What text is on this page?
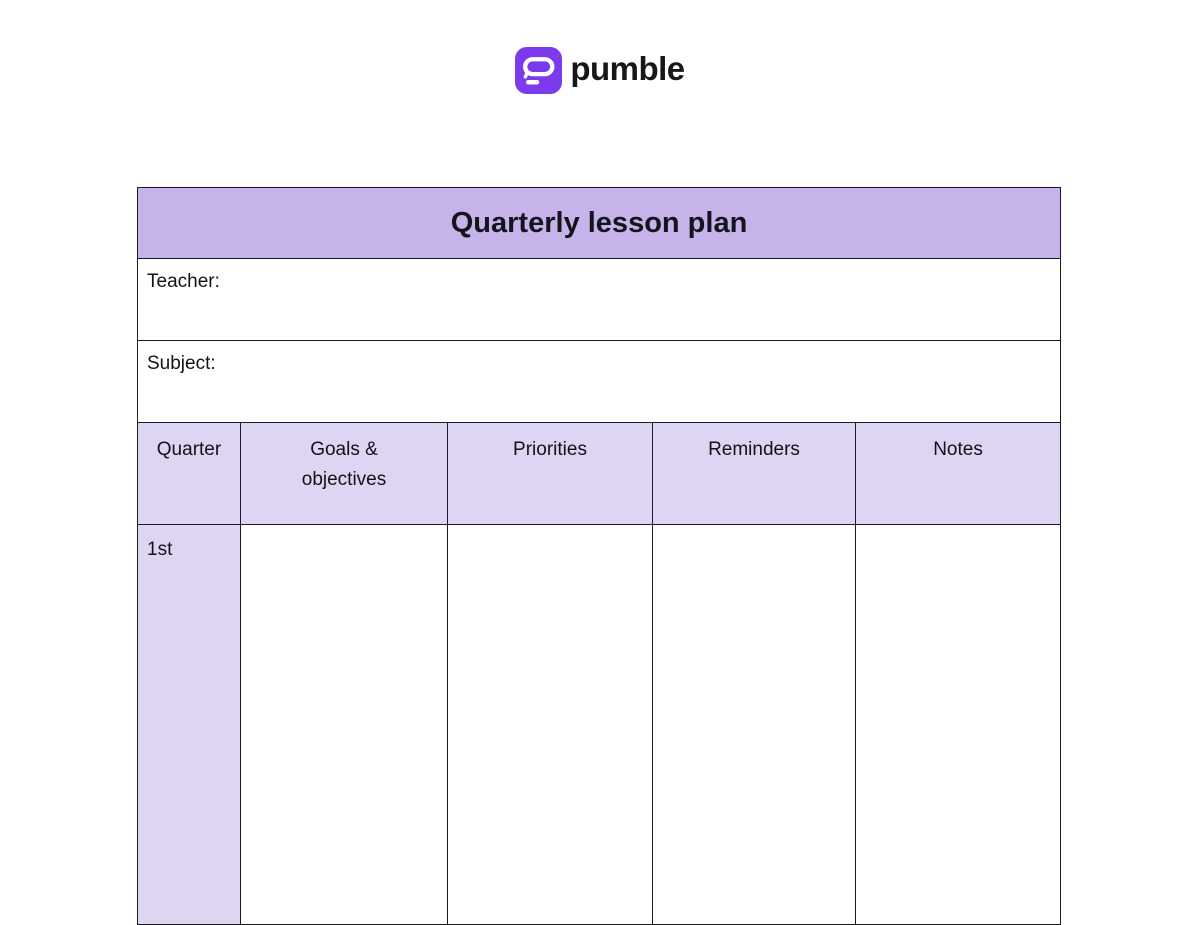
pumble
Quarterly lesson plan				
Teacher:				
Subject:				
Quarter	Goals & objectives	Priorities	Reminders	Notes
1st				
